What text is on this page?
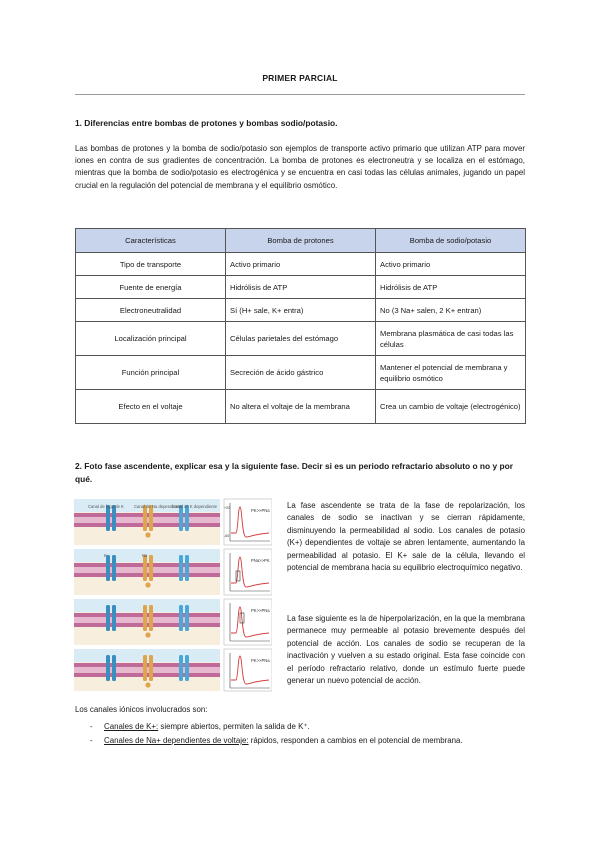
PRIMER PARCIAL
1. Diferencias entre bombas de protones y bombas sodio/potasio.
Las bombas de protones y la bomba de sodio/potasio son ejemplos de transporte activo primario que utilizan ATP para mover iones en contra de sus gradientes de concentración. La bomba de protones es electroneutra y se localiza en el estómago, mientras que la bomba de sodio/potasio es electrogénica y se encuentra en casi todas las células animales, jugando un papel crucial en la regulación del potencial de membrana y el equilibrio osmótico.
Características	Bomba de protones	Bomba de sodio/potasio
Tipo de transporte	Activo primario	Activo primario
Fuente de energía	Hidrólisis de ATP	Hidrólisis de ATP
Electroneutralidad	Sí (H+ sale, K+ entra)	No (3 Na+ salen, 2 K+ entran)
Localización principal	Células parietales del estómago	Membrana plasmática de casi todas las células
Función principal	Secreción de ácido gástrico	Mantener el potencial de membrana y equilibrio osmótico
Efecto en el voltaje	No altera el voltaje de la membrana	Crea un cambio de voltaje (electrogénico)
2. Foto fase ascendente, explicar esa y la siguiente fase. Decir si es un periodo refractario absoluto o no y por qué.
Canal de fuga de K Canal de Na dependiente
Canal de K dependiente
K	Na
PK>>PNa
+20
-60
PNa>>PK
PK>>PNa
PK>>PNa
La fase ascendente se trata de la fase de repolarización, los canales de sodio se inactivan y se cierran rápidamente, disminuyendo la permeabilidad al sodio. Los canales de potasio (K+) dependientes de voltaje se abren lentamente, aumentando la permeabilidad al potasio. El K+ sale de la célula, llevando el potencial de membrana hacia su equilibrio electroquímico negativo.
La fase siguiente es la de hiperpolarización, en la que la membrana permanece muy permeable al potasio brevemente después del potencial de acción. Los canales de sodio se recuperan de la inactivación y vuelven a su estado original. Esta fase coincide con el período refractario relativo, donde un estímulo fuerte puede generar un nuevo potencial de acción.
Los canales iónicos involucrados son:
- Canales de K+: siempre abiertos, permiten la salida de K⁺.
- Canales de Na+ dependientes de voltaje: rápidos, responden a cambios en el potencial de membrana.
